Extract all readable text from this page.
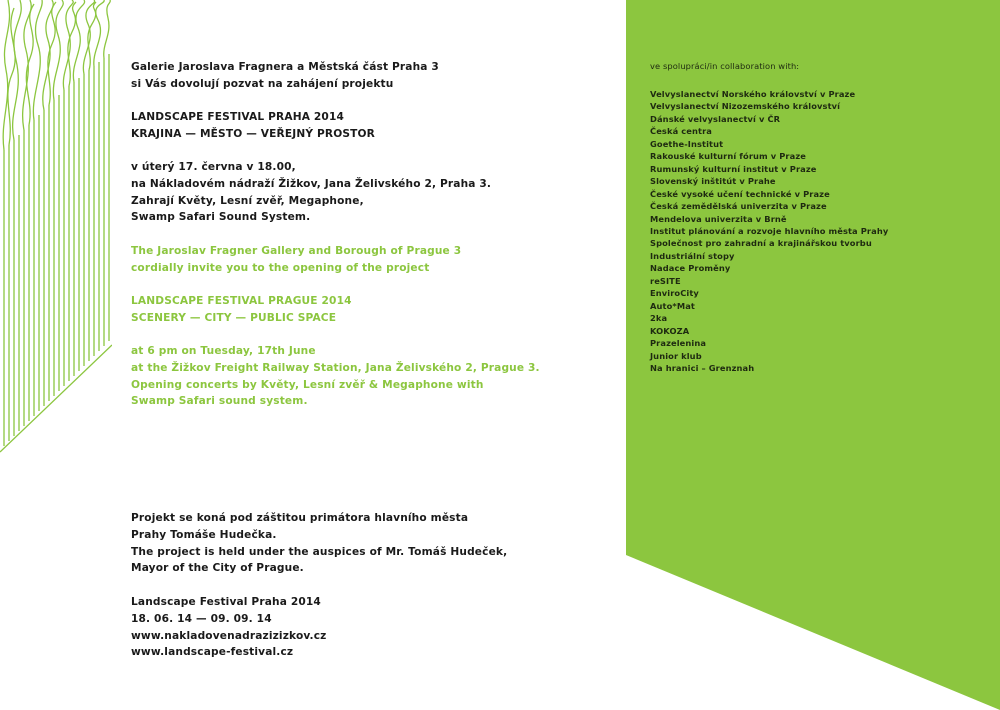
Galerie Jaroslava Fragnera a Městská část Praha 3
si Vás dovolují pozvat na zahájení projektu

LANDSCAPE FESTIVAL PRAHA 2014
KRAJINA — MĚSTO — VEŘEJNÝ PROSTOR

v úterý 17. června v 18.00,
na Nákladovém nádraží Žižkov, Jana Želivského 2, Praha 3.
Zahrají Květy, Lesní zvěř, Megaphone,
Swamp Safari Sound System.

The Jaroslav Fragner Gallery and Borough of Prague 3
cordially invite you to the opening of the project

LANDSCAPE FESTIVAL PRAGUE 2014
SCENERY — CITY — PUBLIC SPACE

at 6 pm on Tuesday, 17th June
at the Žižkov Freight Railway Station, Jana Želivského 2, Prague 3.
Opening concerts by Květy, Lesní zvěř & Megaphone with
Swamp Safari sound system.

Projekt se koná pod záštitou primátora hlavního města
Prahy Tomáše Hudečka.
The project is held under the auspices of Mr. Tomáš Hudeček,
Mayor of the City of Prague.

Landscape Festival Praha 2014
18. 06. 14 — 09. 09. 14
www.nakladovenadrazizizkov.cz
www.landscape-festival.cz

ve spolupráci/in collaboration with:
Velvyslanectví Norského království v Praze
Velvyslanectví Nizozemského království
Dánské velvyslanectví v ČR
Česká centra
Goethe-Institut
Rakouské kulturní fórum v Praze
Rumunský kulturní institut v Praze
Slovenský inštitút v Prahe
České vysoké učení technické v Praze
Česká zemědělská univerzita v Praze
Mendelova univerzita v Brně
Institut plánování a rozvoje hlavního města Prahy
Společnost pro zahradní a krajinářskou tvorbu
Industriální stopy
Nadace Proměny
reSITE
EnviroCity
Auto*Mat
2ka
KOKOZA
Prazelenina
Junior klub
Na hranici – Grenznah
